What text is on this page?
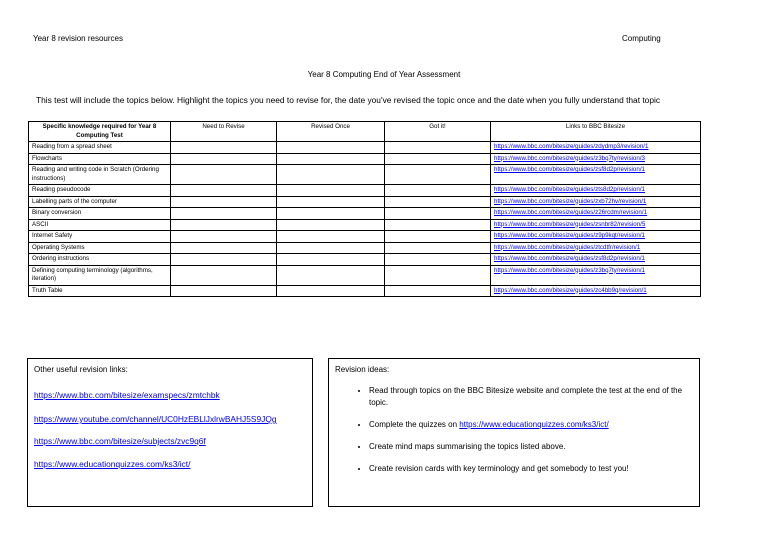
Year 8 revision resources	Computing
Year 8 Computing End of Year Assessment
This test will include the topics below. Highlight the topics you need to revise for, the date you've revised the topic once and the date when you fully understand that topic
Specific knowledge required for Year 8 Computing Test	Need to Revise	Revised Once	Got it!	Links to BBC Bitesize
Reading from a spread sheet				https://www.bbc.com/bitesize/guides/zdydmp3/revision/1
Flowcharts				https://www.bbc.com/bitesize/guides/z3bq7ty/revision/3
Reading and writing code in Scratch (Ordering instructions)				https://www.bbc.com/bitesize/guides/zsf8d2p/revision/1
Reading pseudocode				https://www.bbc.com/bitesize/guides/zts8d2p/revision/1
Labelling parts of the computer				https://www.bbc.com/bitesize/guides/zxb72hv/revision/1
Binary conversion				https://www.bbc.com/bitesize/guides/z26rcdm/revision/1
ASCII				https://www.bbc.com/bitesize/guides/zsnbr82/revision/5
Internet Safety				https://www.bbc.com/bitesize/guides/z9p9kqt/revision/1
Operating Systems				https://www.bbc.com/bitesize/guides/ztcdtfr/revision/1
Ordering instructions				https://www.bbc.com/bitesize/guides/zsf8d2p/revision/1
Defining computing terminology (algorithms, iteration)				https://www.bbc.com/bitesize/guides/z3bq7ty/revision/1
Truth Table				https://www.bbc.com/bitesize/guides/zc4bb9q/revision/1
Other useful revision links:
https://www.bbc.com/bitesize/examspecs/zmtchbk
https://www.youtube.com/channel/UC0HzEBLlJxlrwBAHJ5S9JQg
https://www.bbc.com/bitesize/subjects/zvc9q6f
https://www.educationquizzes.com/ks3/ict/
Revision ideas:
• Read through topics on the BBC Bitesize website and complete the test at the end of the topic.
• Complete the quizzes on https://www.educationquizzes.com/ks3/ict/
• Create mind maps summarising the topics listed above.
• Create revision cards with key terminology and get somebody to test you!
